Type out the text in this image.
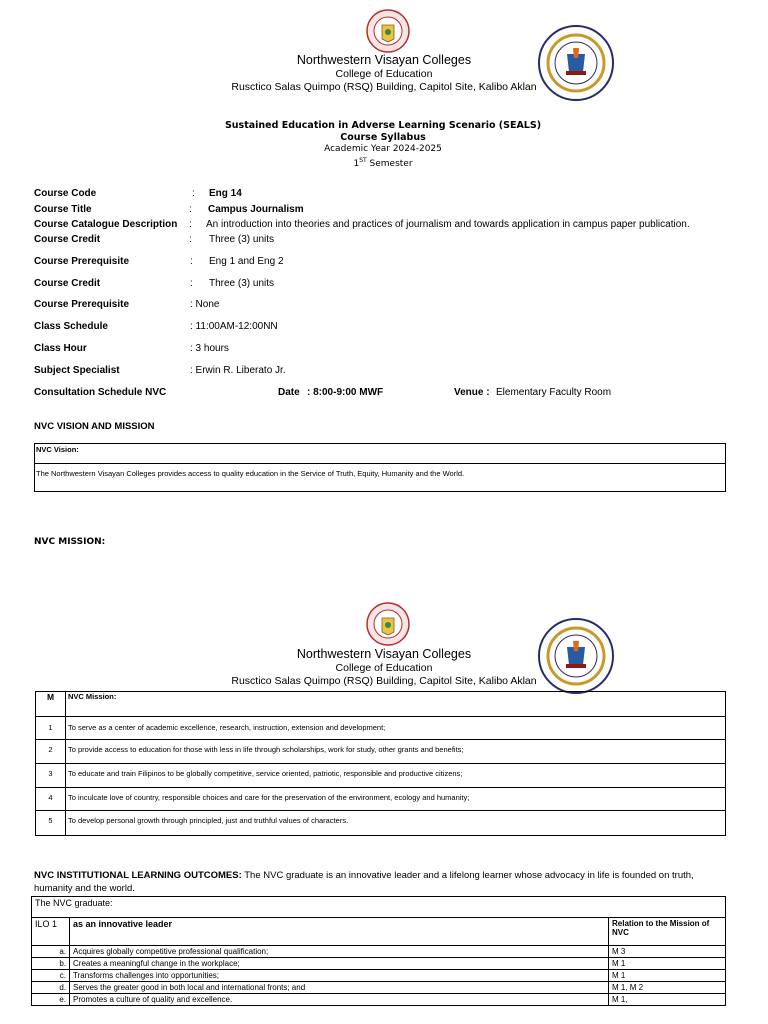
Northwestern Visayan Colleges
College of Education
Rusctico Salas Quimpo (RSQ) Building, Capitol Site, Kalibo Aklan
Sustained Education in Adverse Learning Scenario (SEALS)
Course Syllabus
Academic Year 2024-2025
1ST Semester
Course Code	: Eng 14
Course Title	: Campus Journalism
Course Catalogue Description : An introduction into theories and practices of journalism and towards application in campus paper publication.
Course Credit	: Three (3) units
Course Prerequisite	: Eng 1 and Eng 2
Course Credit	: Three (3) units
Course Prerequisite	: None
Class Schedule	: 11:00AM-12:00NN
Class Hour	: 3 hours
Subject Specialist	: Erwin R. Liberato Jr.
Consultation Schedule NVC	Date : 8:00-9:00 MWF	Venue : Elementary Faculty Room
NVC VISION AND MISSION
NVC Vision:
The Northwestern Visayan Colleges provides access to quality education in the Service of Truth, Equity, Humanity and the World.
NVC MISSION:
Northwestern Visayan Colleges
College of Education
Rusctico Salas Quimpo (RSQ) Building, Capitol Site, Kalibo Aklan
M	NVC Mission:
1	To serve as a center of academic excellence, research, instruction, extension and development;
2	To provide access to education for those with less in life through scholarships, work for study, other grants and benefits;
3	To educate and train Filipinos to be globally competitive, service oriented, patriotic, responsible and productive citizens;
4	To inculcate love of country, responsible choices and care for the preservation of the environment, ecology and humanity;
5	To develop personal growth through principled, just and truthful values of characters.
NVC INSTITUTIONAL LEARNING OUTCOMES: The NVC graduate is an innovative leader and a lifelong learner whose advocacy in life is founded on truth,
humanity and the world.
The NVC graduate:		
ILO 1	as an innovative leader	Relation to the Mission of NVC
a.	Acquires globally competitive professional qualification;	M 3
b.	Creates a meaningful change in the workplace;	M 1
c.	Transforms challenges into opportunities;	M 1
d.	Serves the greater good in both local and international fronts; and	M 1, M 2
e.	Promotes a culture of quality and excellence.	M 1,
